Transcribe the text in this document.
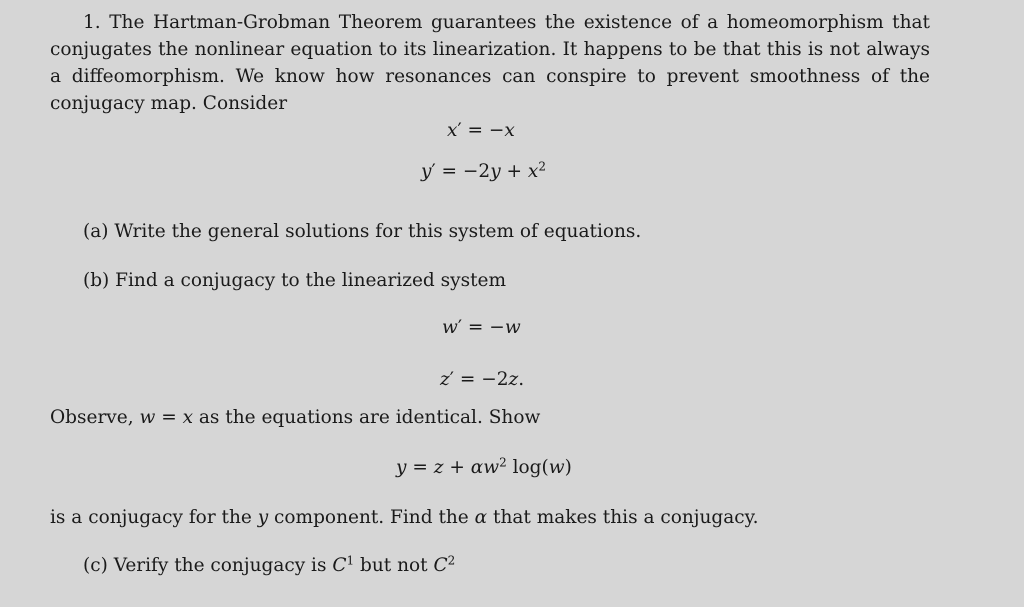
1. The Hartman-Grobman Theorem guarantees the existence of a homeomorphism that conjugates the nonlinear equation to its linearization. It happens to be that this is not always a diffeomorphism. We know how resonances can conspire to prevent smoothness of the conjugacy map. Consider
x′ = −x
$y' = -2y + x^2$
(a) Write the general solutions for this system of equations.
(b) Find a conjugacy to the linearized system
w′ = −w
z′ = −2z.
Observe, w = x as the equations are identical. Show
$y = z + \alpha w^2$ log(w)
is a conjugacy for the y component. Find the α that makes this a conjugacy.
(c) Verify the conjugacy is $C^1$ but not $C^2$
